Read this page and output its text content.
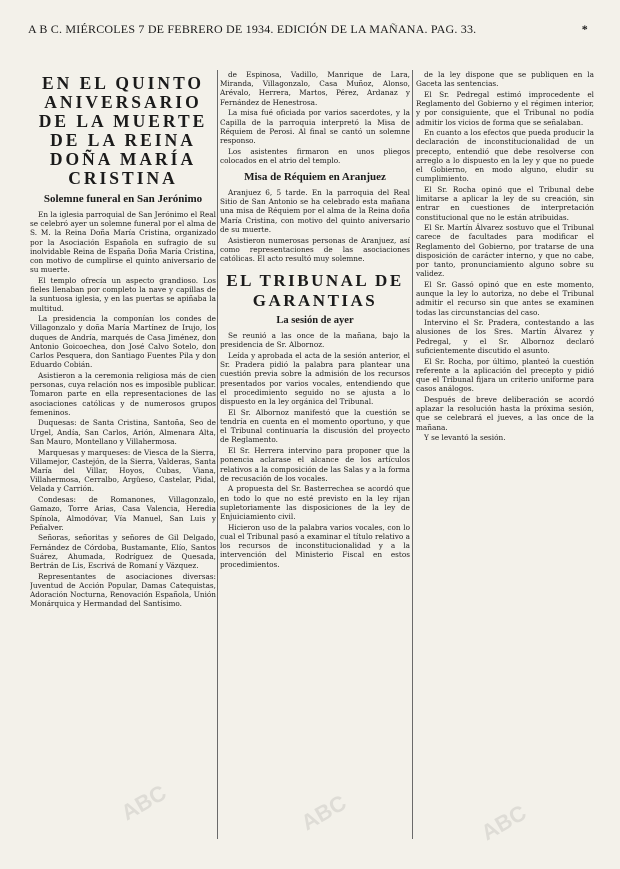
A B C. MIÉRCOLES 7 DE FEBRERO DE 1934. EDICIÓN DE LA MAÑANA. PAG. 33.	*
EN EL QUINTO ANIVERSARIO DE LA MUERTE DE LA REINA DOÑA MARÍA CRISTINA
Solemne funeral en San Jerónimo

En la iglesia parroquial de San Jerónimo el Real se celebró ayer un solemne funeral por el alma de S. M. la Reina Doña María Cristina, organizado por la Asociación Española en sufragio de su inolvidable Reina de España Doña María Cristina, con motivo de cumplirse el quinto aniversario de su muerte.

El templo ofrecía un aspecto grandioso. Los fieles llenaban por completo la nave y capillas de la suntuosa iglesia, y en las puertas se apiñaba la multitud.

La presidencia la componían los condes de Villagonzalo y doña María Martínez de Irujo, los duques de Andría, marqués de Casa Jiménez, don Antonio Goicoechea, don José Calvo Sotelo, don Carlos Pesquera, don Santiago Fuentes Pila y don Eduardo Cobián.

Asistieron a la ceremonia religiosa más de cien personas, cuya relación nos es imposible publicar. Tomaron parte en ella representaciones de las asociaciones católicas y de numerosos grupos femeninos.

Duquesas: de Santa Cristina, Santoña, Seo de Urgel, Andía, San Carlos, Arión, Almenara Alta, San Mauro, Montellano y Villahermosa.

Marquesas y marqueses: de Viesca de la Sierra, Villamejor, Castejón, de la Sierra, Valderas, Santa María del Villar, Hoyos, Cubas, Viana, Villahermosa, Cerralbo, Argüeso, Castelar, Pidal, Velada y Carrión.

Condesas: de Romanones, Villagonzalo, Gamazo, Torre Arias, Casa Valencia, Heredia Spínola, Almodóvar, Vía Manuel, San Luis y Peñalver.

Señoras, señoritas y señores de Gil Delgado, Fernández de Córdoba, Bustamante, Elío, Santos Suárez, Ahumada, Rodríguez de Quesada, Bertrán de Lis, Escrivá de Romaní y Vázquez.

Representantes de asociaciones diversas: Juventud de Acción Popular, Damas Catequistas, Adoración Nocturna, Renovación Española, Unión Monárquica y Hermandad del Santísimo.

de Espinosa, Vadillo, Manrique de Lara, Miranda, Villagonzalo, Casa Muñoz, Alonso, Arévalo, Herrera, Martos, Pérez, Ardanaz y Fernández de Henestrosa.

La misa fué oficiada por varios sacerdotes, y la Capilla de la parroquia interpretó la Misa de Réquiem de Perosi. Al final se cantó un solemne responso.

Los asistentes firmaron en unos pliegos colocados en el atrio del templo.

Misa de Réquiem en Aranjuez

Aranjuez 6, 5 tarde. En la parroquia del Real Sitio de San Antonio se ha celebrado esta mañana una misa de Réquiem por el alma de la Reina doña María Cristina, con motivo del quinto aniversario de su muerte.

Asistieron numerosas personas de Aranjuez, así como representaciones de las asociaciones católicas. El acto resultó muy solemne.

EL TRIBUNAL DE GARANTIAS
La sesión de ayer

Se reunió a las once de la mañana, bajo la presidencia de Sr. Albornoz.

Leída y aprobada el acta de la sesión anterior, el Sr. Pradera pidió la palabra para plantear una cuestión previa sobre la admisión de los recursos presentados por varios vocales, entendiendo que el procedimiento seguido no se ajusta a lo dispuesto en la ley orgánica del Tribunal.

El Sr. Albornoz manifestó que la cuestión se tendría en cuenta en el momento oportuno, y que el Tribunal continuaría la discusión del proyecto de Reglamento.

El Sr. Herrera intervino para proponer que la ponencia aclarase el alcance de los artículos relativos a la composición de las Salas y a la forma de recusación de los vocales.

A propuesta del Sr. Basterrechea se acordó que en todo lo que no esté previsto en la ley rijan supletoriamente las disposiciones de la ley de Enjuiciamiento civil.

Hicieron uso de la palabra varios vocales, con lo cual el Tribunal pasó a examinar el título relativo a los recursos de inconstitucionalidad y a la intervención del Ministerio Fiscal en estos procedimientos.

de la ley dispone que se publiquen en la Gaceta las sentencias.

El Sr. Pedregal estimó improcedente el Reglamento del Gobierno y el régimen interior, y por consiguiente, que el Tribunal no podía admitir los vicios de forma que se señalaban.

En cuanto a los efectos que pueda producir la declaración de inconstitucionalidad de un precepto, entendió que debe resolverse con arreglo a lo dispuesto en la ley y que no puede el Gobierno, en modo alguno, eludir su cumplimiento.

El Sr. Rocha opinó que el Tribunal debe limitarse a aplicar la ley de su creación, sin entrar en cuestiones de interpretación constitucional que no le están atribuidas.

El Sr. Martín Álvarez sostuvo que el Tribunal carece de facultades para modificar el Reglamento del Gobierno, por tratarse de una disposición de carácter interno, y que no cabe, por tanto, pronunciamiento alguno sobre su validez.

El Sr. Gassó opinó que en este momento, aunque la ley lo autoriza, no debe el Tribunal admitir el recurso sin que antes se examinen todas las circunstancias del caso.

Intervino el Sr. Pradera, contestando a las alusiones de los Sres. Martín Álvarez y Pedregal, y el Sr. Albornoz declaró suficientemente discutido el asunto.

El Sr. Rocha, por último, planteó la cuestión referente a la aplicación del precepto y pidió que el Tribunal fijara un criterio uniforme para casos análogos.

Después de breve deliberación se acordó aplazar la resolución hasta la próxima sesión, que se celebrará el jueves, a las once de la mañana.

Y se levantó la sesión.

ABC	ABC	ABC
